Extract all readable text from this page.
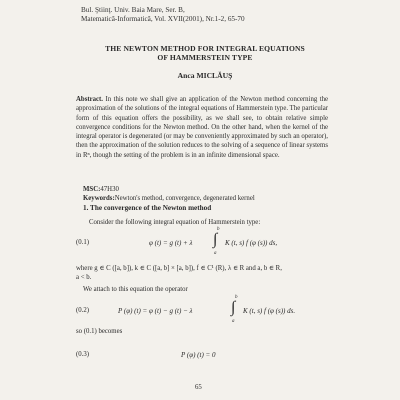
Bul. Ştiinţ. Univ. Baia Mare, Ser. B,
Matematică-Informatică, Vol. XVII(2001), Nr.1-2, 65-70
THE NEWTON METHOD FOR INTEGRAL EQUATIONS
OF HAMMERSTEIN TYPE
Anca MICLĂUŞ
Abstract. In this note we shall give an application of the Newton method concerning the approximation of the solutions of the integral equations of Hammerstein type. The particular form of this equation offers the possibility, as we shall see, to obtain relative simple convergence conditions for the Newton method. On the other hand, when the kernel of the integral operator is degenerated (or may be conveniently approximated by such an operator), then the approximation of the solution reduces to the solving of a sequence of linear systems in Rⁿ, though the setting of the problem is in an infinite dimensional space.
MSC:47H30
Keywords:Newton's method, convergence, degenerated kernel
1. The convergence of the Newton method
Consider the following integral equation of Hammerstein type:
(0.1)	φ (t) = g (t) + λ ∫
b
a
K (t, s) f (φ (s)) ds,
where g ∈ C ([a, b]), k ∈ C ([a, b] × [a, b]), f ∈ C¹ (R), λ ∈ R and a, b ∈ R,
a < b.
We attach to this equation the operator
(0.2)	P (φ) (t) = φ (t) − g (t) − λ ∫
b
a
K (t, s) f (φ (s)) ds.
so (0.1) becomes
(0.3)	P (φ) (t) = 0
65
